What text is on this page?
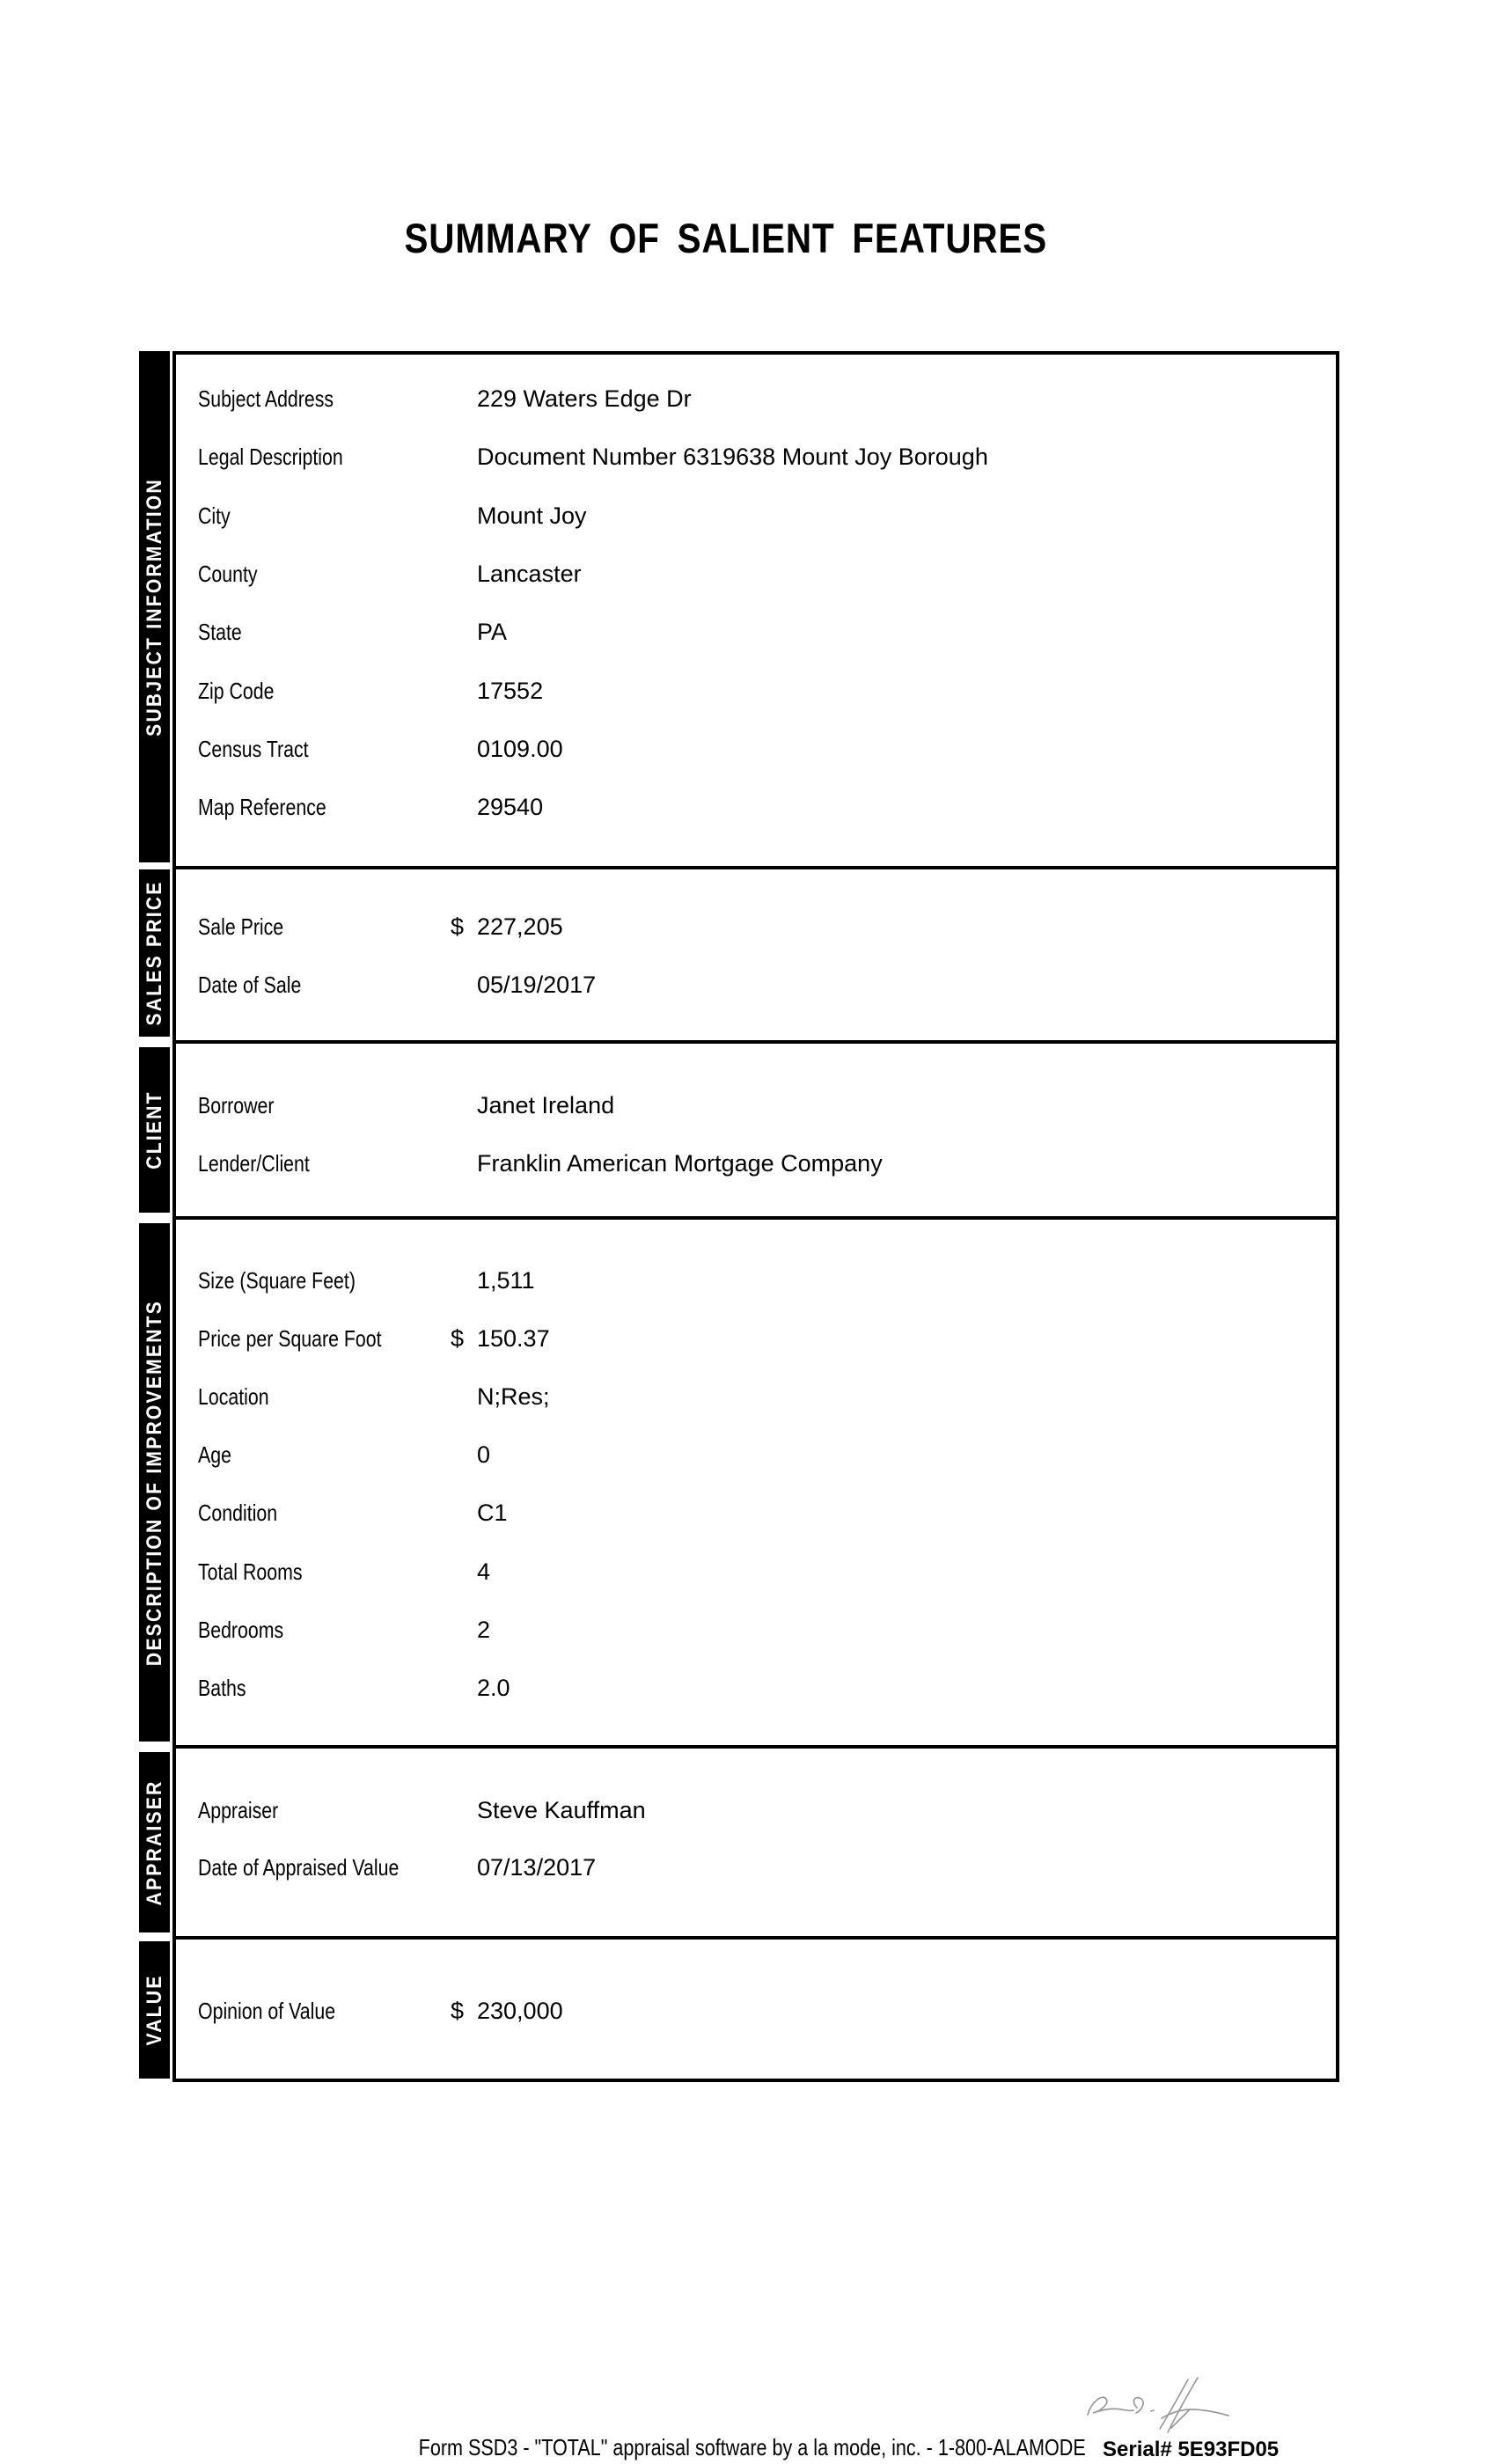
SUMMARY OF SALIENT FEATURES
SUBJECT INFORMATION
SALES PRICE
CLIENT
DESCRIPTION OF IMPROVEMENTS
APPRAISER
VALUE
Subject Address	229 Waters Edge Dr
Legal Description	Document Number 6319638 Mount Joy Borough
City	Mount Joy
County	Lancaster
State	PA
Zip Code	17552
Census Tract	0109.00
Map Reference	29540
Sale Price	$ 227,205
Date of Sale	05/19/2017
Borrower	Janet Ireland
Lender/Client	Franklin American Mortgage Company
Size (Square Feet)	1,511
Price per Square Foot	$ 150.37
Location	N;Res;
Age	0
Condition	C1
Total Rooms	4
Bedrooms	2
Baths	2.0
Appraiser	Steve Kauffman
Date of Appraised Value	07/13/2017
Opinion of Value	$ 230,000
Form SSD3 - "TOTAL" appraisal software by a la mode, inc. - 1-800-ALAMODE Serial# 5E93FD05
